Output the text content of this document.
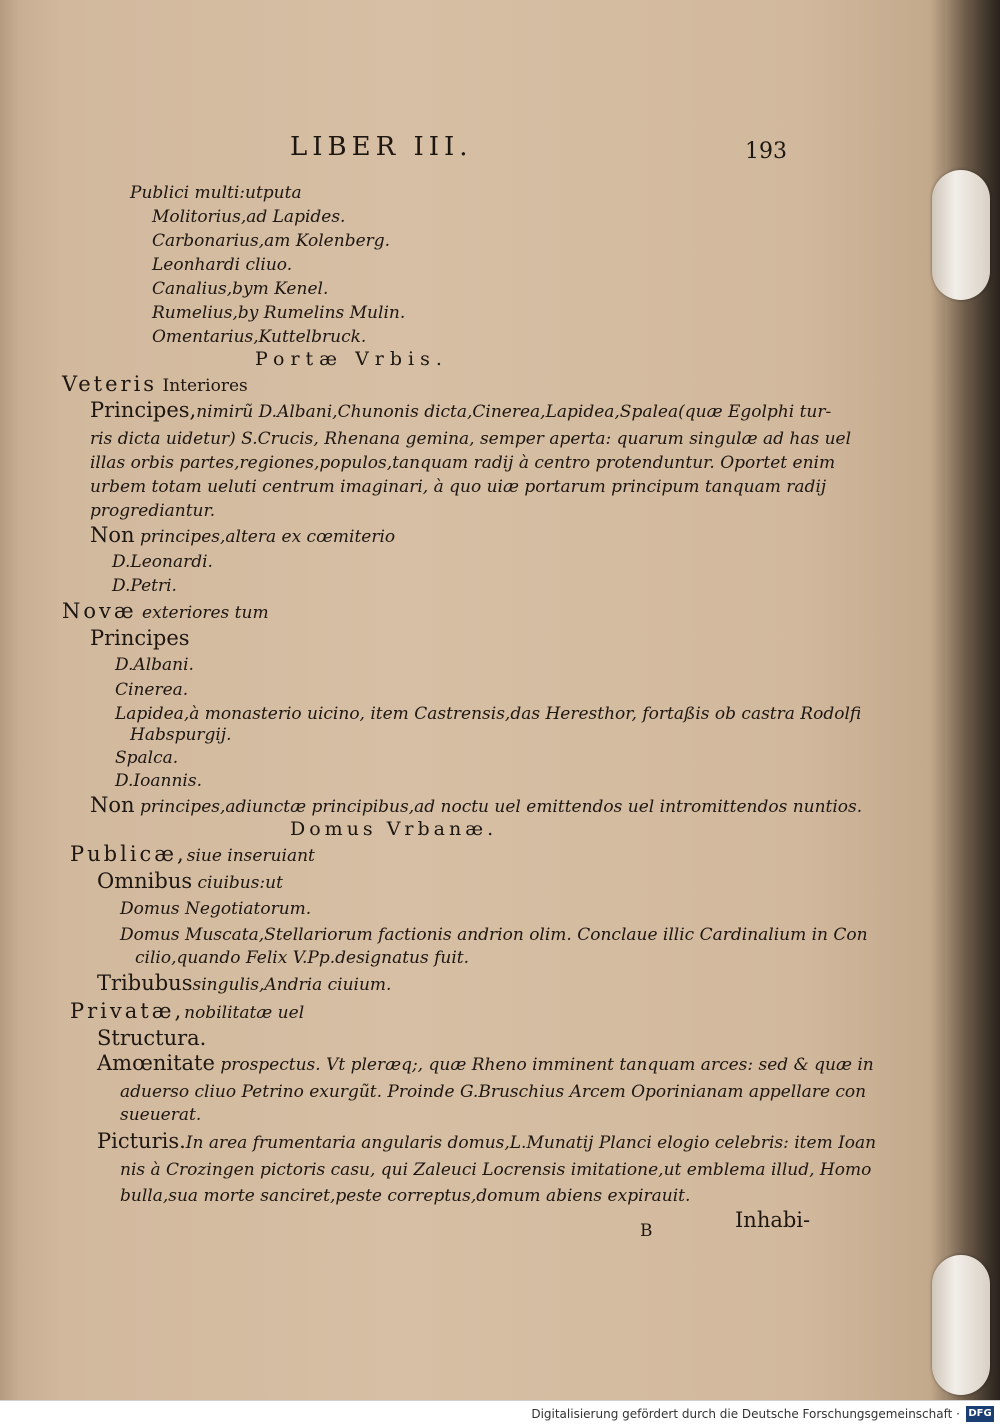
LIBER III.	193
Publici multi:utputa
Molitorius,ad Lapides.
Carbonarius,am Kolenberg.
Leonhardi cliuo.
Canalius,bym Kenel.
Rumelius,by Rumelins Mulin.
Omentarius,Kuttelbruck.
Portæ Vrbis.
Veteris Interiores
Principes,nimirũ D.Albani,Chunonis dicta,Cinerea,Lapidea,Spalea(quæ Egolphi tur-
ris dicta uidetur) S.Crucis, Rhenana gemina, semper aperta: quarum singulæ ad has uel
illas orbis partes,regiones,populos,tanquam radij à centro protenduntur. Oportet enim
urbem totam ueluti centrum imaginari, à quo uiæ portarum principum tanquam radij
progrediantur.
Non principes,altera ex cœmiterio
D.Leonardi.
D.Petri.
Novæ exteriores tum
Principes
D.Albani.
Cinerea.
Lapidea,à monasterio uicino, item Castrensis,das Heresthor, fortaßis ob castra Rodolfi
Habspurgij.
Spalca.
D.Ioannis.
Non principes,adiunctæ principibus,ad noctu uel emittendos uel intromittendos nuntios.
Domus Vrbanæ.
Publicæ,siue inseruiant
Omnibus ciuibus:ut
Domus Negotiatorum.
Domus Muscata,Stellariorum factionis andrion olim. Conclaue illic Cardinalium in Con
cilio,quando Felix V.Pp.designatus fuit.
Tribubussingulis,Andria ciuium.
Privatæ,nobilitatæ uel
Structura.
Amœnitate prospectus. Vt pleræq;, quæ Rheno imminent tanquam arces: sed & quæ in
aduerso cliuo Petrino exurgũt. Proinde G.Bruschius Arcem Oporinianam appellare con
sueuerat.
Picturis.In area frumentaria angularis domus,L.Munatij Planci elogio celebris: item Ioan
nis à Crozingen pictoris casu, qui Zaleuci Locrensis imitatione,ut emblema illud, Homo
bulla,sua morte sanciret,peste correptus,domum abiens expirauit.
B	Inhabi-
Digitalisierung gefördert durch die Deutsche Forschungsgemeinschaft · DFG
